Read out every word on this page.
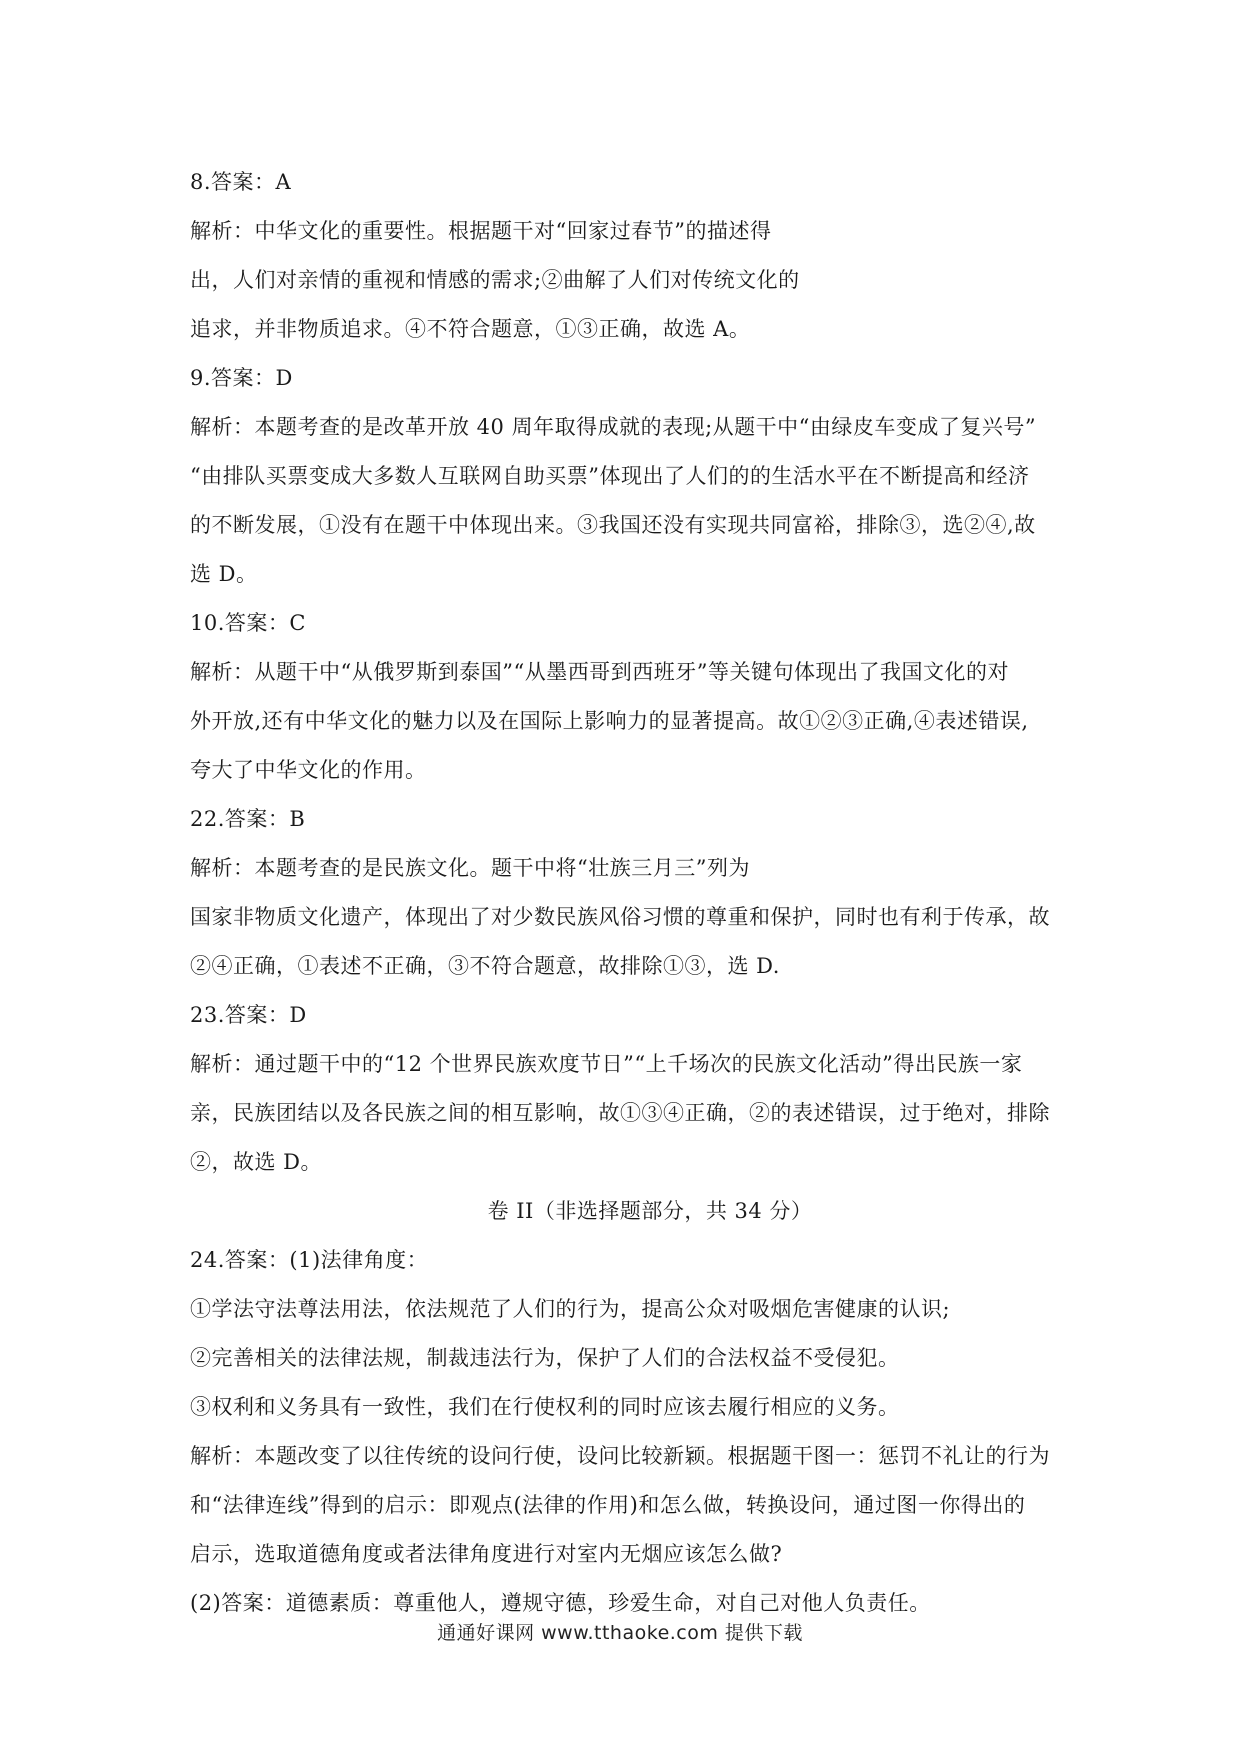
8.答案：A
解析：中华文化的重要性。根据题干对“回家过春节”的描述得
出，人们对亲情的重视和情感的需求;②曲解了人们对传统文化的
追求，并非物质追求。④不符合题意，①③正确，故选 A。
9.答案：D
解析：本题考查的是改革开放 40 周年取得成就的表现;从题干中“由绿皮车变成了复兴号”
“由排队买票变成大多数人互联网自助买票”体现出了人们的的生活水平在不断提高和经济
的不断发展，①没有在题干中体现出来。③我国还没有实现共同富裕，排除③，选②④,故
选 D。
10.答案：C
解析：从题干中“从俄罗斯到泰国”“从墨西哥到西班牙”等关键句体现出了我国文化的对
外开放,还有中华文化的魅力以及在国际上影响力的显著提高。故①②③正确,④表述错误,
夸大了中华文化的作用。
22.答案：B
解析：本题考查的是民族文化。题干中将“壮族三月三”列为
国家非物质文化遗产，体现出了对少数民族风俗习惯的尊重和保护，同时也有利于传承，故
②④正确，①表述不正确，③不符合题意，故排除①③，选 D.
23.答案：D
解析：通过题干中的“12 个世界民族欢度节日”“上千场次的民族文化活动”得出民族一家
亲，民族团结以及各民族之间的相互影响，故①③④正确，②的表述错误，过于绝对，排除
②，故选 D。
卷 II（非选择题部分，共 34 分）
24.答案：(1)法律角度：
①学法守法尊法用法，依法规范了人们的行为，提高公众对吸烟危害健康的认识;
②完善相关的法律法规，制裁违法行为，保护了人们的合法权益不受侵犯。
③权利和义务具有一致性，我们在行使权利的同时应该去履行相应的义务。
解析：本题改变了以往传统的设问行使，设问比较新颖。根据题干图一：惩罚不礼让的行为
和“法律连线”得到的启示：即观点(法律的作用)和怎么做，转换设问，通过图一你得出的
启示，选取道德角度或者法律角度进行对室内无烟应该怎么做?
(2)答案：道德素质：尊重他人，遵规守德，珍爱生命，对自己对他人负责任。
通通好课网 www.tthaoke.com 提供下载
